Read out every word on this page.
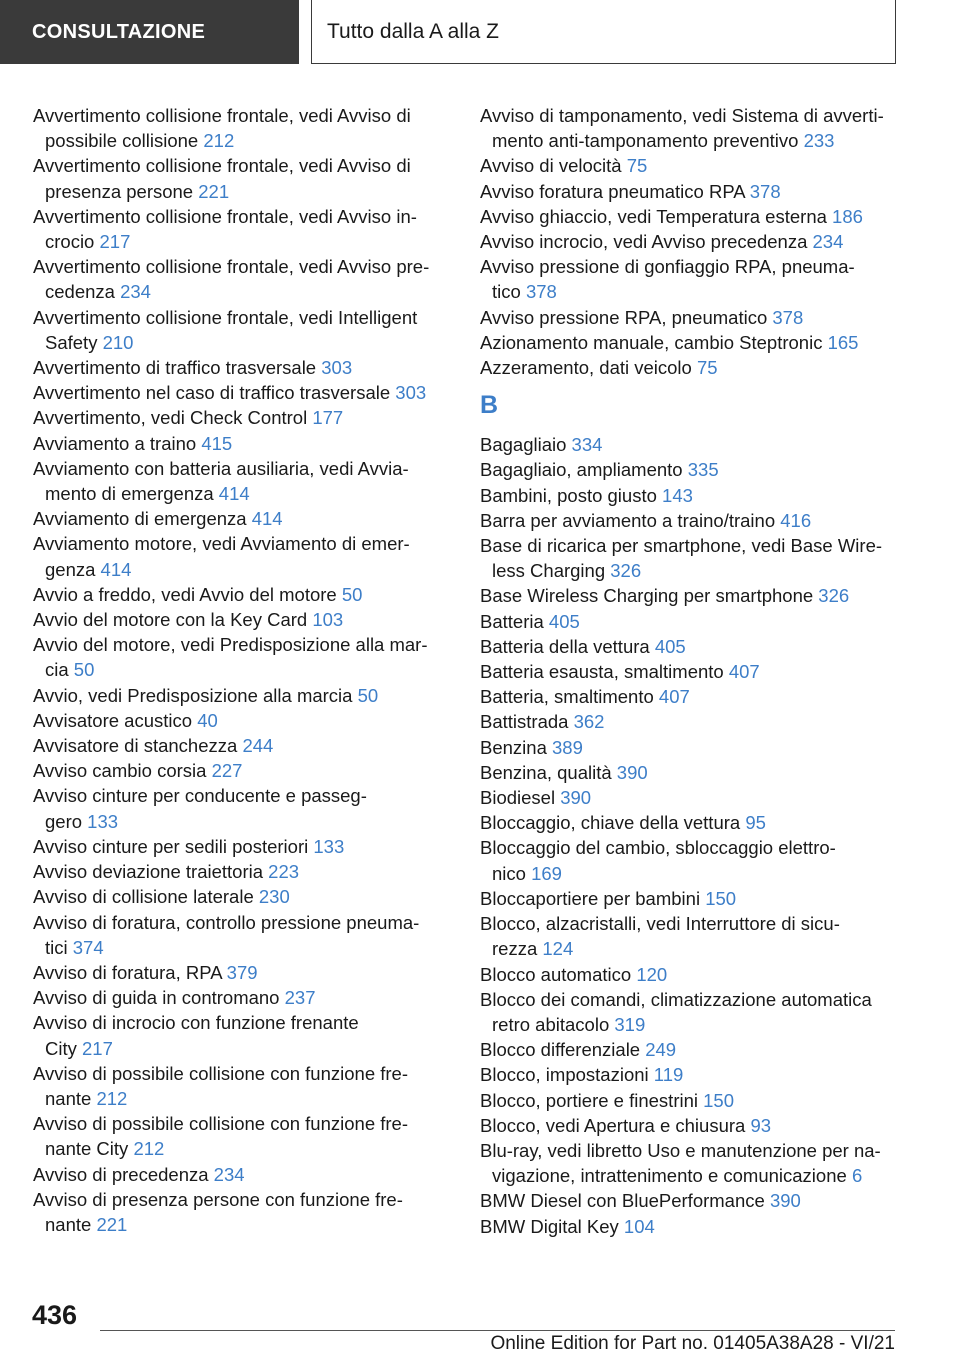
CONSULTAZIONE	Tutto dalla A alla Z
Avvertimento collisione frontale, vedi Avviso di
possibile collisione 212
Avvertimento collisione frontale, vedi Avviso di
presenza persone 221
Avvertimento collisione frontale, vedi Avviso in-
crocio 217
Avvertimento collisione frontale, vedi Avviso pre-
cedenza 234
Avvertimento collisione frontale, vedi Intelligent
Safety 210
Avvertimento di traffico trasversale 303
Avvertimento nel caso di traffico trasversale 303
Avvertimento, vedi Check Control 177
Avviamento a traino 415
Avviamento con batteria ausiliaria, vedi Avvia-
mento di emergenza 414
Avviamento di emergenza 414
Avviamento motore, vedi Avviamento di emer-
genza 414
Avvio a freddo, vedi Avvio del motore 50
Avvio del motore con la Key Card 103
Avvio del motore, vedi Predisposizione alla mar-
cia 50
Avvio, vedi Predisposizione alla marcia 50
Avvisatore acustico 40
Avvisatore di stanchezza 244
Avviso cambio corsia 227
Avviso cinture per conducente e passeg-
gero 133
Avviso cinture per sedili posteriori 133
Avviso deviazione traiettoria 223
Avviso di collisione laterale 230
Avviso di foratura, controllo pressione pneuma-
tici 374
Avviso di foratura, RPA 379
Avviso di guida in contromano 237
Avviso di incrocio con funzione frenante
City 217
Avviso di possibile collisione con funzione fre-
nante 212
Avviso di possibile collisione con funzione fre-
nante City 212
Avviso di precedenza 234
Avviso di presenza persone con funzione fre-
nante 221
Avviso di tamponamento, vedi Sistema di avverti-
mento anti-tamponamento preventivo 233
Avviso di velocità 75
Avviso foratura pneumatico RPA 378
Avviso ghiaccio, vedi Temperatura esterna 186
Avviso incrocio, vedi Avviso precedenza 234
Avviso pressione di gonfiaggio RPA, pneuma-
tico 378
Avviso pressione RPA, pneumatico 378
Azionamento manuale, cambio Steptronic 165
Azzeramento, dati veicolo 75
B
Bagagliaio 334
Bagagliaio, ampliamento 335
Bambini, posto giusto 143
Barra per avviamento a traino/traino 416
Base di ricarica per smartphone, vedi Base Wire-
less Charging 326
Base Wireless Charging per smartphone 326
Batteria 405
Batteria della vettura 405
Batteria esausta, smaltimento 407
Batteria, smaltimento 407
Battistrada 362
Benzina 389
Benzina, qualità 390
Biodiesel 390
Bloccaggio, chiave della vettura 95
Bloccaggio del cambio, sbloccaggio elettro-
nico 169
Bloccaportiere per bambini 150
Blocco, alzacristalli, vedi Interruttore di sicu-
rezza 124
Blocco automatico 120
Blocco dei comandi, climatizzazione automatica
retro abitacolo 319
Blocco differenziale 249
Blocco, impostazioni 119
Blocco, portiere e finestrini 150
Blocco, vedi Apertura e chiusura 93
Blu-ray, vedi libretto Uso e manutenzione per na-
vigazione, intrattenimento e comunicazione 6
BMW Diesel con BluePerformance 390
BMW Digital Key 104
436
Online Edition for Part no. 01405A38A28 - VI/21
